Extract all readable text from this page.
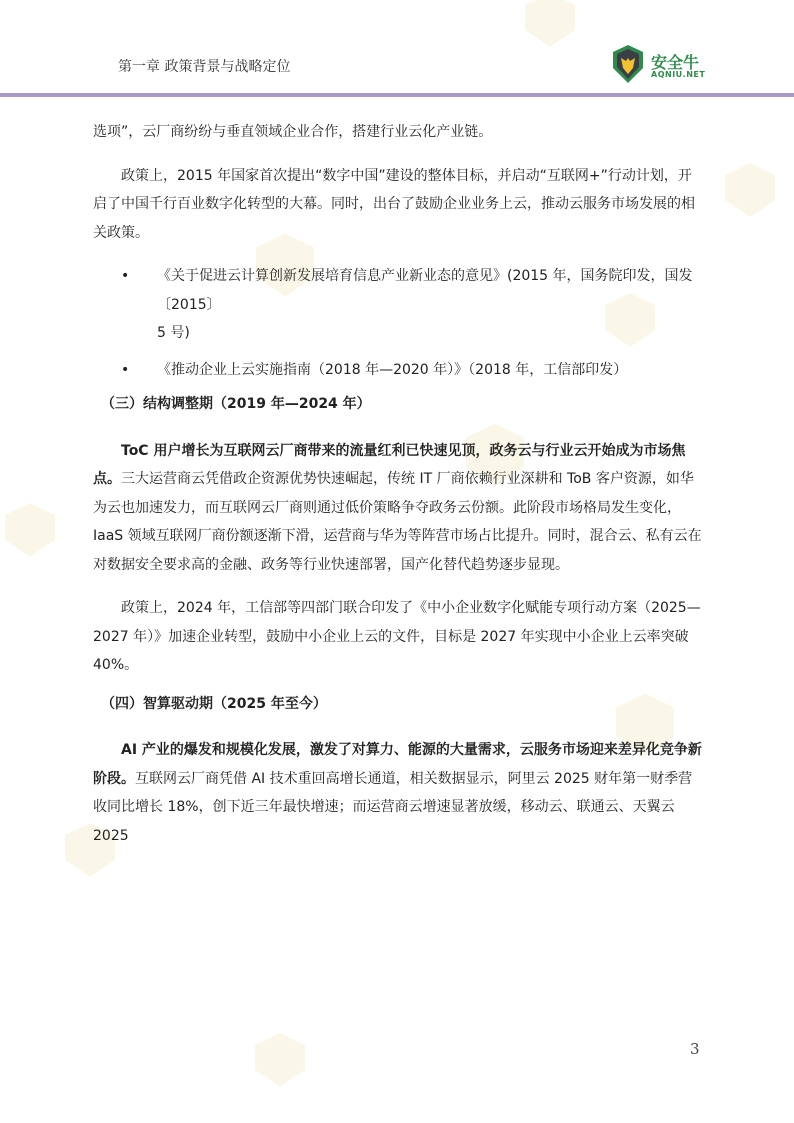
第一章 政策背景与战略定位	安全牛
AQNIU.NET

选项”，云厂商纷纷与垂直领域企业合作，搭建行业云化产业链。

政策上，2015 年国家首次提出“数字中国”建设的整体目标，并启动“互联网+”行动计划，开启了中国千行百业数字化转型的大幕。同时，出台了鼓励企业业务上云，推动云服务市场发展的相关政策。

• 《关于促进云计算创新发展培育信息产业新业态的意见》(2015 年，国务院印发，国发〔2015〕
5 号)
• 《推动企业上云实施指南（2018 年—2020 年）》（2018 年，工信部印发）

（三）结构调整期（2019 年—2024 年）

ToC 用户增长为互联网云厂商带来的流量红利已快速见顶，政务云与行业云开始成为市场焦点。三大运营商云凭借政企资源优势快速崛起，传统 IT 厂商依赖行业深耕和 ToB 客户资源，如华为云也加速发力，而互联网云厂商则通过低价策略争夺政务云份额。此阶段市场格局发生变化，IaaS 领域互联网厂商份额逐渐下滑，运营商与华为等阵营市场占比提升。同时，混合云、私有云在对数据安全要求高的金融、政务等行业快速部署，国产化替代趋势逐步显现。

政策上，2024 年，工信部等四部门联合印发了《中小企业数字化赋能专项行动方案（2025—2027 年）》加速企业转型，鼓励中小企业上云的文件，目标是 2027 年实现中小企业上云率突破 40%。

（四）智算驱动期（2025 年至今）

AI 产业的爆发和规模化发展，激发了对算力、能源的大量需求，云服务市场迎来差异化竞争新阶段。互联网云厂商凭借 AI 技术重回高增长通道，相关数据显示，阿里云 2025 财年第一财季营收同比增长 18%，创下近三年最快增速；而运营商云增速显著放缓，移动云、联通云、天翼云 2025

3
